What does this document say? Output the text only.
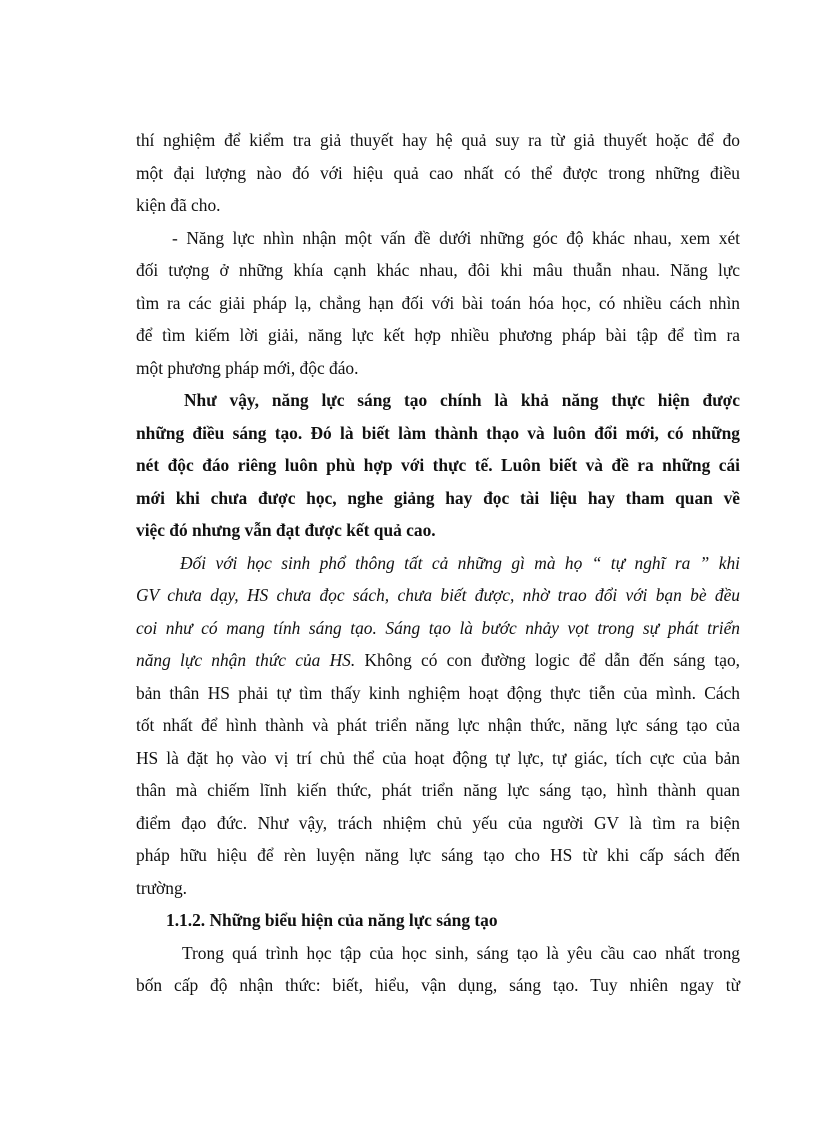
thí nghiệm để kiểm tra giả thuyết hay hệ quả suy ra từ giả thuyết hoặc để đo
một đại lượng nào đó với hiệu quả cao nhất có thể được trong những điều
kiện đã cho.
- Năng lực nhìn nhận một vấn đề dưới những góc độ khác nhau, xem xét
đối tượng ở những khía cạnh khác nhau, đôi khi mâu thuẫn nhau. Năng lực
tìm ra các giải pháp lạ, chẳng hạn đối với bài toán hóa học, có nhiều cách nhìn
để tìm kiếm lời giải, năng lực kết hợp nhiều phương pháp bài tập để tìm ra
một phương pháp mới, độc đáo.
Như vậy, năng lực sáng tạo chính là khả năng thực hiện được
những điều sáng tạo. Đó là biết làm thành thạo và luôn đổi mới, có những
nét độc đáo riêng luôn phù hợp với thực tế. Luôn biết và đề ra những cái
mới khi chưa được học, nghe giảng hay đọc tài liệu hay tham quan về
việc đó nhưng vẫn đạt được kết quả cao.
Đối với học sinh phổ thông tất cả những gì mà họ “ tự nghĩ ra ” khi
GV chưa dạy, HS chưa đọc sách, chưa biết được, nhờ trao đổi với bạn bè đều
coi như có mang tính sáng tạo. Sáng tạo là bước nhảy vọt trong sự phát triển
năng lực nhận thức của HS. Không có con đường logic để dẫn đến sáng tạo,
bản thân HS phải tự tìm thấy kinh nghiệm hoạt động thực tiễn của mình. Cách
tốt nhất để hình thành và phát triển năng lực nhận thức, năng lực sáng tạo của
HS là đặt họ vào vị trí chủ thể của hoạt động tự lực, tự giác, tích cực của bản
thân mà chiếm lĩnh kiến thức, phát triển năng lực sáng tạo, hình thành quan
điểm đạo đức. Như vậy, trách nhiệm chủ yếu của người GV là tìm ra biện
pháp hữu hiệu để rèn luyện năng lực sáng tạo cho HS từ khi cấp sách đến
trường.
1.1.2. Những biểu hiện của năng lực sáng tạo
Trong quá trình học tập của học sinh, sáng tạo là yêu cầu cao nhất trong
bốn cấp độ nhận thức: biết, hiểu, vận dụng, sáng tạo. Tuy nhiên ngay từ
